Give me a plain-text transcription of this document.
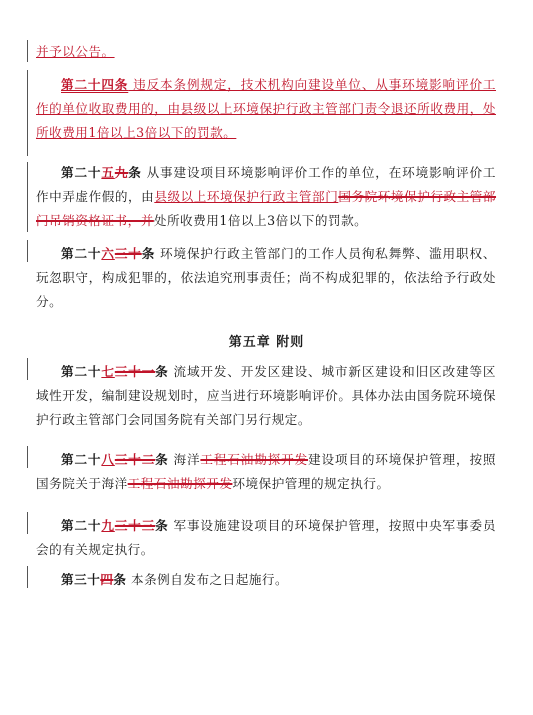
并予以公告。
第二十四条 违反本条例规定，技术机构向建设单位、从事环境影响评价工作的单位收取费用的，由县级以上环境保护行政主管部门责令退还所收费用，处所收费用1倍以上3倍以下的罚款。
第二十五九条 从事建设项目环境影响评价工作的单位，在环境影响评价工作中弄虚作假的，由县级以上环境保护行政主管部门国务院环境保护行政主管部门吊销资格证书，并处所收费用1倍以上3倍以下的罚款。
第二十六三十条 环境保护行政主管部门的工作人员徇私舞弊、滥用职权、玩忽职守，构成犯罪的，依法追究刑事责任；尚不构成犯罪的，依法给予行政处分。
第五章 附则
第二十七三十一条 流域开发、开发区建设、城市新区建设和旧区改建等区域性开发，编制建设规划时，应当进行环境影响评价。具体办法由国务院环境保护行政主管部门会同国务院有关部门另行规定。
第二十八三十二条 海洋工程石油勘探开发建设项目的环境保护管理，按照国务院关于海洋工程石油勘探开发环境保护管理的规定执行。
第二十九三十三条 军事设施建设项目的环境保护管理，按照中央军事委员会的有关规定执行。
第三十四条 本条例自发布之日起施行。
